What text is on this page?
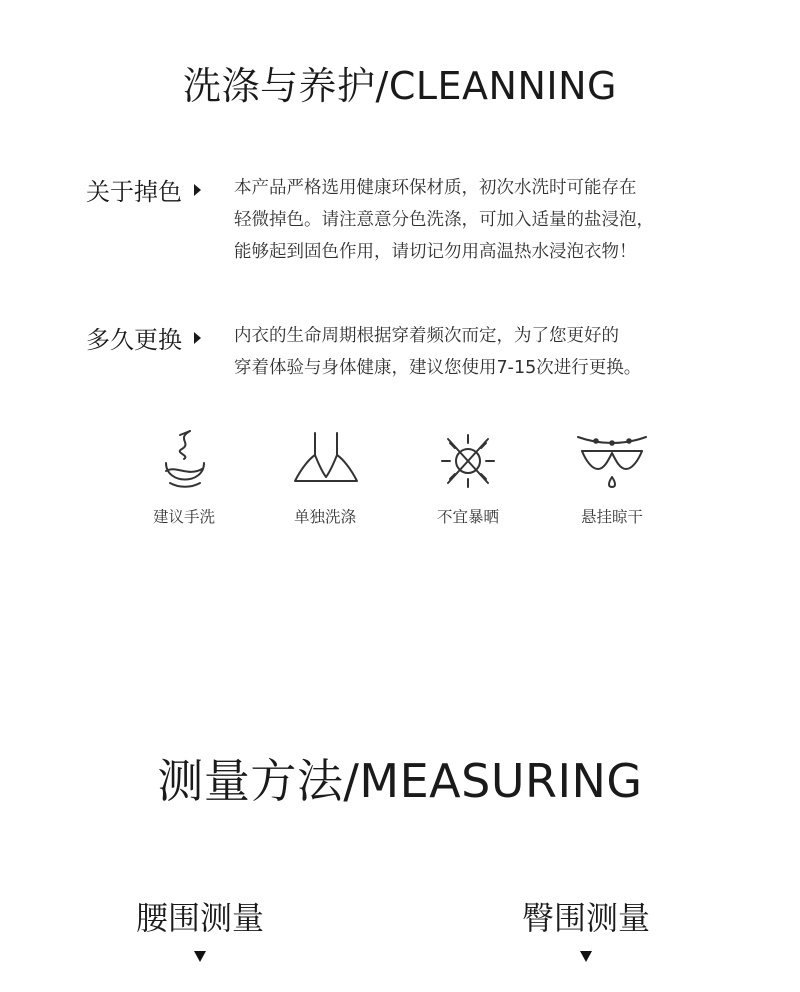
洗涤与养护/CLEANNING
关于掉色	本产品严格选用健康环保材质，初次水洗时可能存在
轻微掉色。请注意意分色洗涤，可加入适量的盐浸泡，
能够起到固色作用，请切记勿用高温热水浸泡衣物！

多久更换	内衣的生命周期根据穿着频次而定，为了您更好的
穿着体验与身体健康，建议您使用7-15次进行更换。

建议手洗	单独洗涤	不宜暴晒	悬挂晾干
测量方法/MEASURING
腰围测量	臀围测量
